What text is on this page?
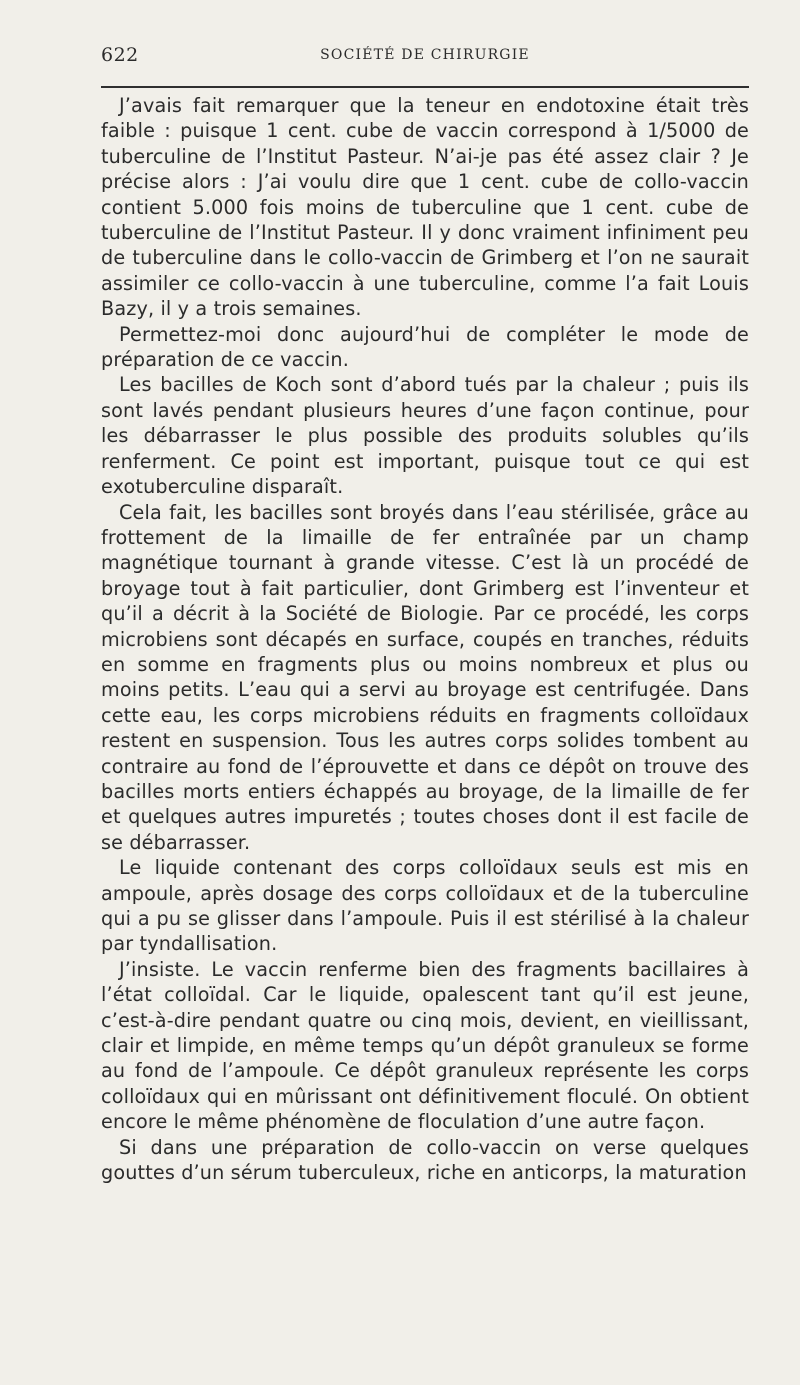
622	SOCIÉTÉ DE CHIRURGIE

J’avais fait remarquer que la teneur en endotoxine était très faible : puisque 1 cent. cube de vaccin correspond à 1/5000 de tuberculine de l’Institut Pasteur. N’ai-je pas été assez clair ? Je précise alors : J’ai voulu dire que 1 cent. cube de collo-vaccin contient 5.000 fois moins de tuberculine que 1 cent. cube de tuberculine de l’Institut Pasteur. Il y donc vraiment infiniment peu de tuberculine dans le collo-vaccin de Grimberg et l’on ne saurait assimiler ce collo-vaccin à une tuberculine, comme l’a fait Louis Bazy, il y a trois semaines.

Permettez-moi donc aujourd’hui de compléter le mode de préparation de ce vaccin.

Les bacilles de Koch sont d’abord tués par la chaleur ; puis ils sont lavés pendant plusieurs heures d’une façon continue, pour les débarrasser le plus possible des produits solubles qu’ils renferment. Ce point est important, puisque tout ce qui est exotuberculine disparaît.

Cela fait, les bacilles sont broyés dans l’eau stérilisée, grâce au frottement de la limaille de fer entraînée par un champ magnétique tournant à grande vitesse. C’est là un procédé de broyage tout à fait particulier, dont Grimberg est l’inventeur et qu’il a décrit à la Société de Biologie. Par ce procédé, les corps microbiens sont décapés en surface, coupés en tranches, réduits en somme en fragments plus ou moins nombreux et plus ou moins petits. L’eau qui a servi au broyage est centrifugée. Dans cette eau, les corps microbiens réduits en fragments colloïdaux restent en suspension. Tous les autres corps solides tombent au contraire au fond de l’éprouvette et dans ce dépôt on trouve des bacilles morts entiers échappés au broyage, de la limaille de fer et quelques autres impuretés ; toutes choses dont il est facile de se débarrasser.

Le liquide contenant des corps colloïdaux seuls est mis en ampoule, après dosage des corps colloïdaux et de la tuberculine qui a pu se glisser dans l’ampoule. Puis il est stérilisé à la chaleur par tyndallisation.

J’insiste. Le vaccin renferme bien des fragments bacillaires à l’état colloïdal. Car le liquide, opalescent tant qu’il est jeune, c’est-à-dire pendant quatre ou cinq mois, devient, en vieillissant, clair et limpide, en même temps qu’un dépôt granuleux se forme au fond de l’ampoule. Ce dépôt granuleux représente les corps colloïdaux qui en mûrissant ont définitivement floculé. On obtient encore le même phénomène de floculation d’une autre façon.

Si dans une préparation de collo-vaccin on verse quelques gouttes d’un sérum tuberculeux, riche en anticorps, la maturation
